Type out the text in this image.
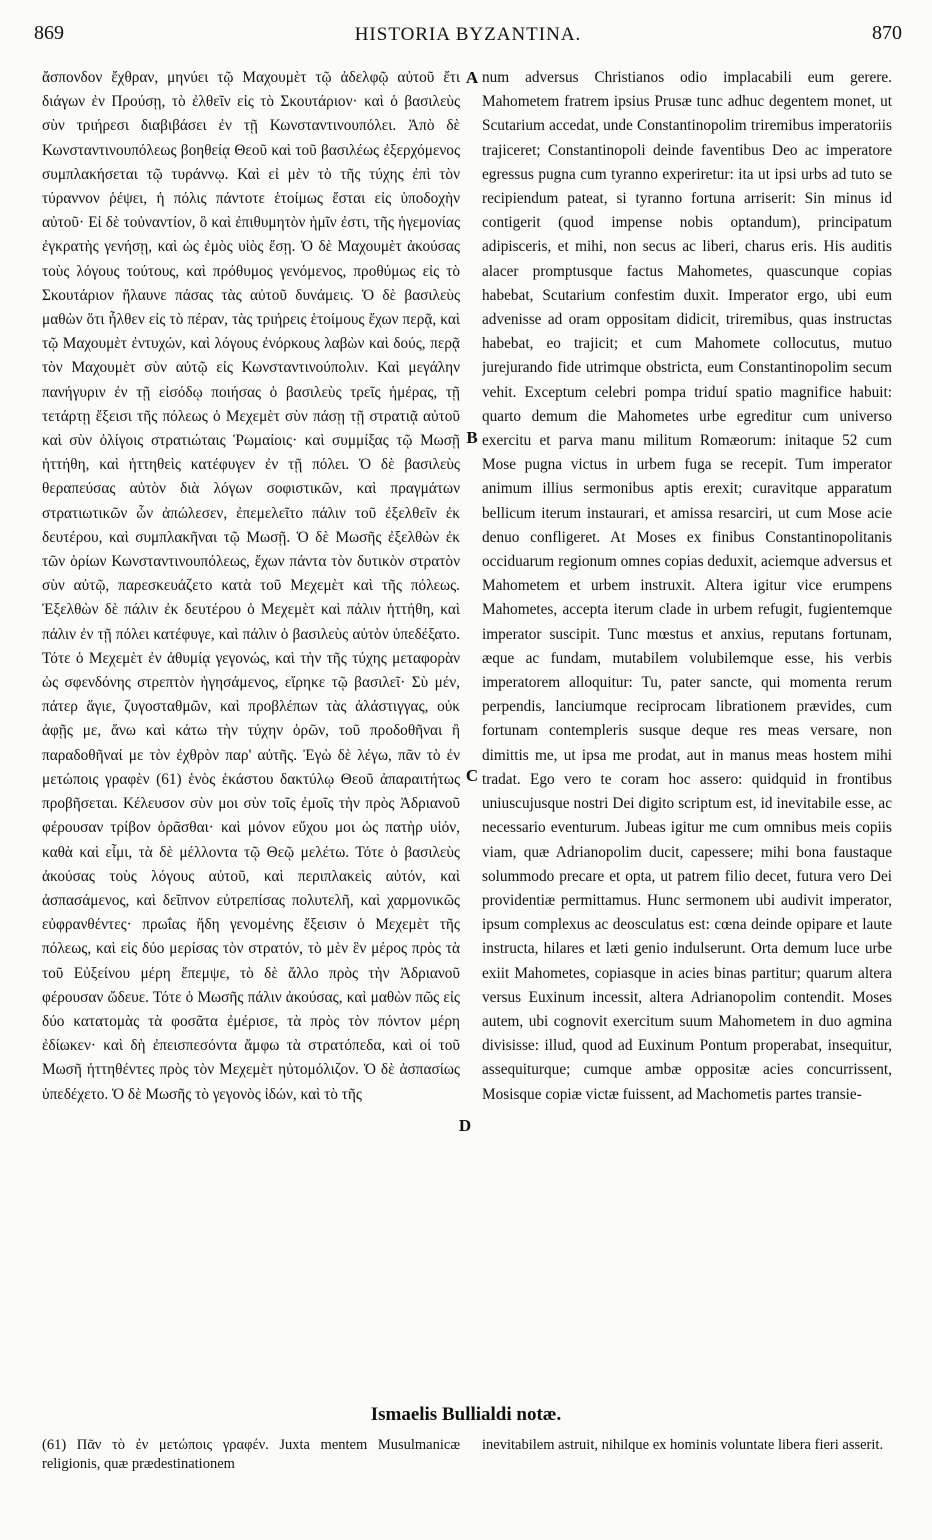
869	HISTORIA BYZANTINA.	870

ἄσπονδον ἔχθραν, μηνύει τῷ Μαχουμὲτ τῷ ἀδελφῷ αὐτοῦ ἔτι διάγων ἐν Προύσῃ, τὸ ἐλθεῖν εἰς τὸ Σκουτάριον· καὶ ὁ βασιλεὺς σὺν τριήρεσι διαβιβάσει ἐν τῇ Κωνσταντινουπόλει. Ἀπὸ δὲ Κωνσταντινουπόλεως βοηθείᾳ Θεοῦ καὶ τοῦ βασιλέως ἐξερχόμενος συμπλακήσεται τῷ τυράννῳ. Καὶ εἰ μὲν τὸ τῆς τύχης ἐπὶ τὸν τύραννον ῥέψει, ἡ πόλις πάντοτε ἑτοίμως ἔσται εἰς ὑποδοχὴν αὐτοῦ· Εἰ δὲ τοὐναντίον, ὃ καὶ ἐπιθυμητὸν ἡμῖν ἐστι, τῆς ἡγεμονίας ἐγκρατὴς γενήσῃ, καὶ ὡς ἐμὸς υἱὸς ἔσῃ. Ὁ δὲ Μαχουμὲτ ἀκούσας τοὺς λόγους τούτους, καὶ πρόθυμος γενόμενος, προθύμως εἰς τὸ Σκουτάριον ἤλαυνε πάσας τὰς αὐτοῦ δυνάμεις. Ὁ δὲ βασιλεὺς μαθὼν ὅτι ἦλθεν εἰς τὸ πέραν, τὰς τριήρεις ἑτοίμους ἔχων περᾷ, καὶ τῷ Μαχουμὲτ ἐντυχών, καὶ λόγους ἐνόρκους λαβὼν καὶ δούς, περᾷ τὸν Μαχουμὲτ σὺν αὐτῷ εἰς Κωνσταντινούπολιν. Καὶ μεγάλην πανήγυριν ἐν τῇ εἰσόδῳ ποιήσας ὁ βασιλεὺς τρεῖς ἡμέρας, τῇ τετάρτῃ ἔξεισι τῆς πόλεως ὁ Μεχεμὲτ σὺν πάσῃ τῇ στρατιᾷ αὐτοῦ καὶ σὺν ὀλίγοις στρατιώταις Ῥωμαίοις· καὶ συμμίξας τῷ Μωσῇ ἡττήθη, καὶ ἡττηθεὶς κατέφυγεν ἐν τῇ πόλει. Ὁ δὲ βασιλεὺς θεραπεύσας αὐτὸν διὰ λόγων σοφιστικῶν, καὶ πραγμάτων στρατιωτικῶν ὧν ἀπώλεσεν, ἐπεμελεῖτο πάλιν τοῦ ἐξελθεῖν ἐκ δευτέρου, καὶ συμπλακῆναι τῷ Μωσῇ. Ὁ δὲ Μωσῆς ἐξελθὼν ἐκ τῶν ὁρίων Κωνσταντινουπόλεως, ἔχων πάντα τὸν δυτικὸν στρατὸν σὺν αὐτῷ, παρεσκευάζετο κατὰ τοῦ Μεχεμὲτ καὶ τῆς πόλεως. Ἐξελθὼν δὲ πάλιν ἐκ δευτέρου ὁ Μεχεμὲτ καὶ πάλιν ἡττήθη, καὶ πάλιν ἐν τῇ πόλει κατέφυγε, καὶ πάλιν ὁ βασιλεὺς αὐτὸν ὑπεδέξατο. Τότε ὁ Μεχεμὲτ ἐν ἀθυμίᾳ γεγονώς, καὶ τὴν τῆς τύχης μεταφορὰν ὡς σφενδόνης στρεπτὸν ἡγησάμενος, εἴρηκε τῷ βασιλεῖ· Σὺ μέν, πάτερ ἅγιε, ζυγοσταθμῶν, καὶ προβλέπων τὰς ἀλάστιγγας, οὐκ ἀφῇς με, ἄνω καὶ κάτω τὴν τύχην ὁρῶν, τοῦ προδοθῆναι ἢ παραδοθῆναί με τὸν ἐχθρὸν παρ' αὐτῆς. Ἐγὼ δὲ λέγω, πᾶν τὸ ἐν μετώποις γραφὲν (61) ἑνὸς ἑκάστου δακτύλῳ Θεοῦ ἀπαραιτήτως προβῆσεται. Κέλευσον σὺν μοι σὺν τοῖς ἐμοῖς τὴν πρὸς Ἀδριανοῦ φέρουσαν τρίβον ὁρᾶσθαι· καὶ μόνον εὔχου μοι ὡς πατὴρ υἱόν, καθὰ καὶ εἶμι, τὰ δὲ μέλλοντα τῷ Θεῷ μελέτω. Τότε ὁ βασιλεὺς ἀκούσας τοὺς λόγους αὐτοῦ, καὶ περιπλακεὶς αὐτόν, καὶ ἀσπασάμενος, καὶ δεῖπνον εὐτρεπίσας πολυτελῆ, καὶ χαρμονικῶς εὐφρανθέντες· πρωΐας ἤδη γενομένης ἔξεισιν ὁ Μεχεμὲτ τῆς πόλεως, καὶ εἰς δύο μερίσας τὸν στρατόν, τὸ μὲν ἓν μέρος πρὸς τὰ τοῦ Εὐξείνου μέρη ἔπεμψε, τὸ δὲ ἄλλο πρὸς τὴν Ἀδριανοῦ φέρουσαν ὤδευε. Τότε ὁ Μωσῆς πάλιν ἀκούσας, καὶ μαθὼν πῶς εἰς δύο κατατομὰς τὰ φοσᾶτα ἐμέρισε, τὰ πρὸς τὸν πόντον μέρη ἐδίωκεν· καὶ δὴ ἐπεισπεσόντα ἄμφω τὰ στρατόπεδα, καὶ οἱ τοῦ Μωσῆ ἡττηθέντες πρὸς τὸν Μεχεμὲτ ηὐτομόλιζον. Ὁ δὲ ἀσπασίως ὑπεδέχετο. Ὁ δὲ Μωσῆς τὸ γεγονὸς ἰδών, καὶ τὸ τῆς

A
B
C
D

num adversus Christianos odio implacabili eum gerere. Mahometem fratrem ipsius Prusæ tunc adhuc degentem monet, ut Scutarium accedat, unde Constantinopolim triremibus imperatoriis trajiceret; Constantinopoli deinde faventibus Deo ac imperatore egressus pugna cum tyranno experiretur: ita ut ipsi urbs ad tuto se recipiendum pateat, si tyranno fortuna arriserit: Sin minus id contigerit (quod impense nobis optandum), principatum adipisceris, et mihi, non secus ac liberi, charus eris. His auditis alacer promptusque factus Mahometes, quascunque copias habebat, Scutarium confestim duxit. Imperator ergo, ubi eum advenisse ad oram oppositam didicit, triremibus, quas instructas habebat, eo trajicit; et cum Mahomete collocutus, mutuo jurejurando fide utrimque obstricta, eum Constantinopolim secum vehit. Exceptum celebri pompa triduí spatio magnifice habuit: quarto demum die Mahometes urbe egreditur cum universo exercitu et parva manu militum Romæorum: initaque 52 cum Mose pugna victus in urbem fuga se recepit. Tum imperator animum illius sermonibus aptis erexit; curavitque apparatum bellicum iterum instaurari, et amissa resarciri, ut cum Mose acie denuo confligeret. At Moses ex finibus Constantinopolitanis occiduarum regionum omnes copias deduxit, aciemque adversus et Mahometem et urbem instruxit. Altera igitur vice erumpens Mahometes, accepta iterum clade in urbem refugit, fugientemque imperator suscipit. Tunc mœstus et anxius, reputans fortunam, æque ac fundam, mutabilem volubilemque esse, his verbis imperatorem alloquitur: Tu, pater sancte, qui momenta rerum perpendis, lanciumque reciprocam librationem prævides, cum fortunam contempleris susque deque res meas versare, non dimittis me, ut ipsa me prodat, aut in manus meas hostem mihi tradat. Ego vero te coram hoc assero: quidquid in frontibus uniuscujusque nostri Dei digito scriptum est, id inevitabile esse, ac necessario eventurum. Jubeas igitur me cum omnibus meis copiis viam, quæ Adrianopolim ducit, capessere; mihi bona faustaque solummodo precare et opta, ut patrem filio decet, futura vero Dei providentiæ permittamus. Hunc sermonem ubi audivit imperator, ipsum complexus ac deosculatus est: cœna deinde opipare et laute instructa, hilares et læti genio indulserunt. Orta demum luce urbe exiit Mahometes, copiasque in acies binas partitur; quarum altera versus Euxinum incessit, altera Adrianopolim contendit. Moses autem, ubi cognovit exercitum suum Mahometem in duo agmina divisisse: illud, quod ad Euxinum Pontum properabat, insequitur, assequiturque; cumque ambæ oppositæ acies concurrissent, Mosisque copiæ victæ fuissent, ad Machometis partes transie-

Ismaelis Bullialdi notæ.
(61) Πᾶν τὸ ἐν μετώποις γραφέν. Juxta mentem Musulmanicæ religionis, quæ prædestinationem
inevitabilem astruit, nihilque ex hominis voluntate libera fieri asserit.
